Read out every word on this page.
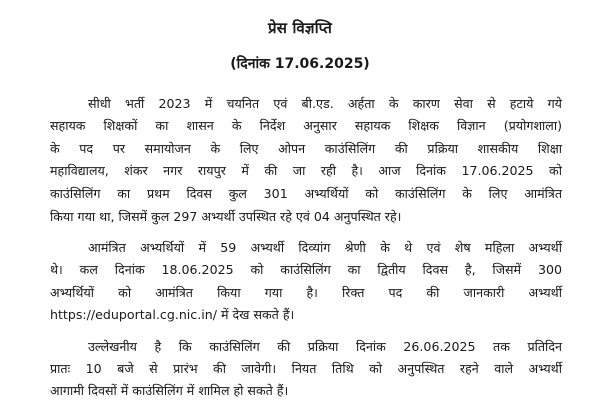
प्रेस विज्ञप्ति
(दिनांक 17.06.2025)
सीधी भर्ती 2023 में चयनित एवं बी.एड. अर्हता के कारण सेवा से हटाये गये
सहायक शिक्षकों का शासन के निर्देश अनुसार सहायक शिक्षक विज्ञान (प्रयोगशाला)
के पद पर समायोजन के लिए ओपन काउंसिलिंग की प्रक्रिया शासकीय शिक्षा
महाविद्यालय, शंकर नगर रायपुर में की जा रही है। आज दिनांक 17.06.2025 को
काउंसिलिंग का प्रथम दिवस कुल 301 अभ्यर्थियों को काउंसिलिंग के लिए आमंत्रित
किया गया था, जिसमें कुल 297 अभ्यर्थी उपस्थित रहे एवं 04 अनुपस्थित रहे।
आमंत्रित अभ्यर्थियों में 59 अभ्यर्थी दिव्यांग श्रेणी के थे एवं शेष महिला अभ्यर्थी
थे। कल दिनांक 18.06.2025 को काउंसिलिंग का द्वितीय दिवस है, जिसमें 300
अभ्यर्थियों को आमंत्रित किया गया है। रिक्त पद की जानकारी अभ्यर्थी
https://eduportal.cg.nic.in/ में देख सकते हैं।
उल्लेखनीय है कि काउंसिलिंग की प्रक्रिया दिनांक 26.06.2025 तक प्रतिदिन
प्रातः 10 बजे से प्रारंभ की जावेगी। नियत तिथि को अनुपस्थित रहने वाले अभ्यर्थी
आगामी दिवसों में काउंसिलिंग में शामिल हो सकते हैं।
